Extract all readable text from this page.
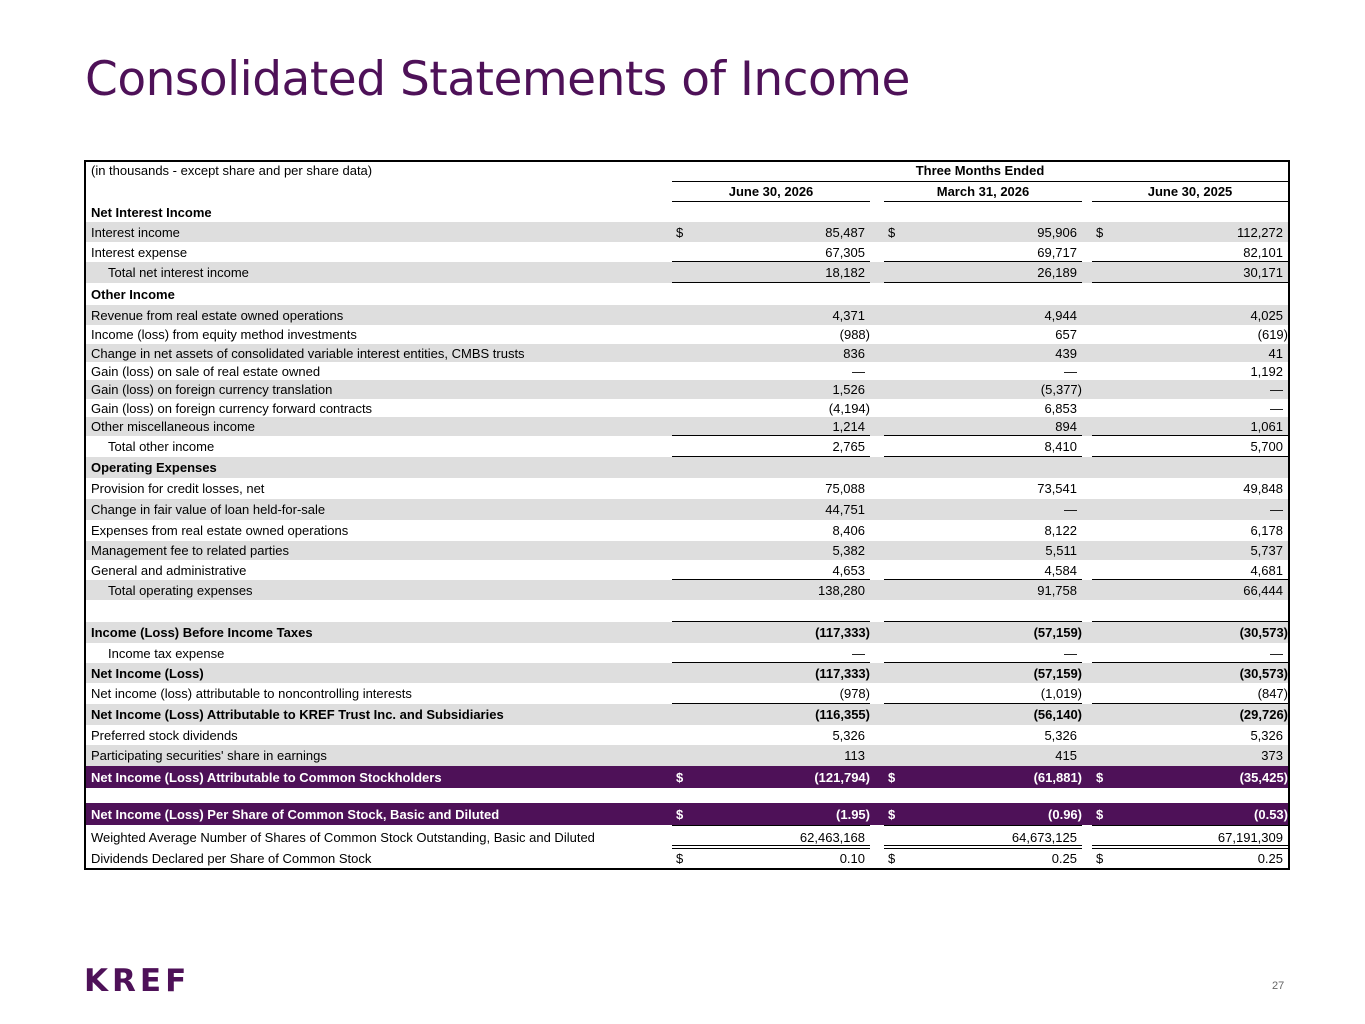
Consolidated Statements of Income
(in thousands - except share and per share data)	Three Months Ended
June 30, 2026	March 31, 2026	June 30, 2025
Net Interest Income
Interest income	$	85,487 $	95,906 $	112,272
Interest expense	67,305	69,717	82,101
Total net interest income	18,182	26,189	30,171
Other Income
Revenue from real estate owned operations	4,371	4,944	4,025
Income (loss) from equity method investments	(988)	657	(619)
Change in net assets of consolidated variable interest entities, CMBS trusts	836	439	41
Gain (loss) on sale of real estate owned	—	—	1,192
Gain (loss) on foreign currency translation	1,526	(5,377)	—
Gain (loss) on foreign currency forward contracts	(4,194)	6,853	—
Other miscellaneous income	1,214	894	1,061
Total other income	2,765	8,410	5,700
Operating Expenses
Provision for credit losses, net	75,088	73,541	49,848
Change in fair value of loan held-for-sale	44,751	—	—
Expenses from real estate owned operations	8,406	8,122	6,178
Management fee to related parties	5,382	5,511	5,737
General and administrative	4,653	4,584	4,681
Total operating expenses	138,280	91,758	66,444
Income (Loss) Before Income Taxes	(117,333)	(57,159)	(30,573)
Income tax expense	—	—	—
Net Income (Loss)	(117,333)	(57,159)	(30,573)
Net income (loss) attributable to noncontrolling interests	(978)	(1,019)	(847)
Net Income (Loss) Attributable to KREF Trust Inc. and Subsidiaries	(116,355)	(56,140)	(29,726)
Preferred stock dividends	5,326	5,326	5,326
Participating securities' share in earnings	113	415	373
Net Income (Loss) Attributable to Common Stockholders	$	(121,794) $	(61,881) $	(35,425)
Net Income (Loss) Per Share of Common Stock, Basic and Diluted	$	(1.95) $	(0.96) $	(0.53)
Weighted Average Number of Shares of Common Stock Outstanding, Basic and Diluted	62,463,168	64,673,125	67,191,309
Dividends Declared per Share of Common Stock	$	0.10 $	0.25 $	0.25
KREF	27
